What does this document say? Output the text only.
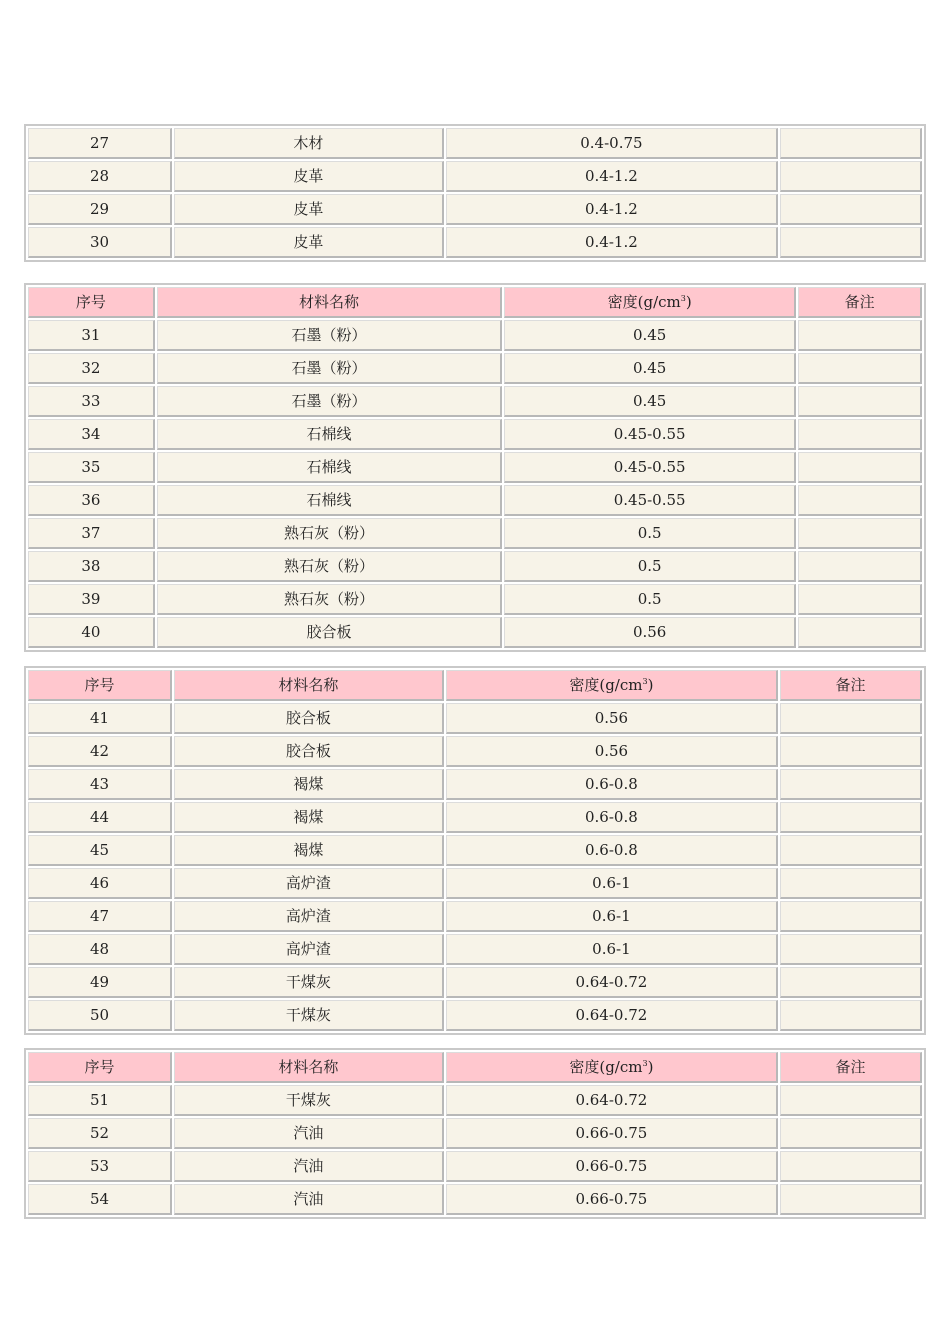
27	木材	0.4-0.75	
28	皮革	0.4-1.2	
29	皮革	0.4-1.2	
30	皮革	0.4-1.2	
序号	材料名称	密度$(g/cm^3)$	备注
31	石墨（粉）	0.45	
32	石墨（粉）	0.45	
33	石墨（粉）	0.45	
34	石棉线	0.45-0.55	
35	石棉线	0.45-0.55	
36	石棉线	0.45-0.55	
37	熟石灰（粉）	0.5	
38	熟石灰（粉）	0.5	
39	熟石灰（粉）	0.5	
40	胶合板	0.56	
序号	材料名称	密度$(g/cm^3)$	备注
41	胶合板	0.56	
42	胶合板	0.56	
43	褐煤	0.6-0.8	
44	褐煤	0.6-0.8	
45	褐煤	0.6-0.8	
46	高炉渣	0.6-1	
47	高炉渣	0.6-1	
48	高炉渣	0.6-1	
49	干煤灰	0.64-0.72	
50	干煤灰	0.64-0.72	
序号	材料名称	密度$(g/cm^3)$	备注
51	干煤灰	0.64-0.72	
52	汽油	0.66-0.75	
53	汽油	0.66-0.75	
54	汽油	0.66-0.75	
